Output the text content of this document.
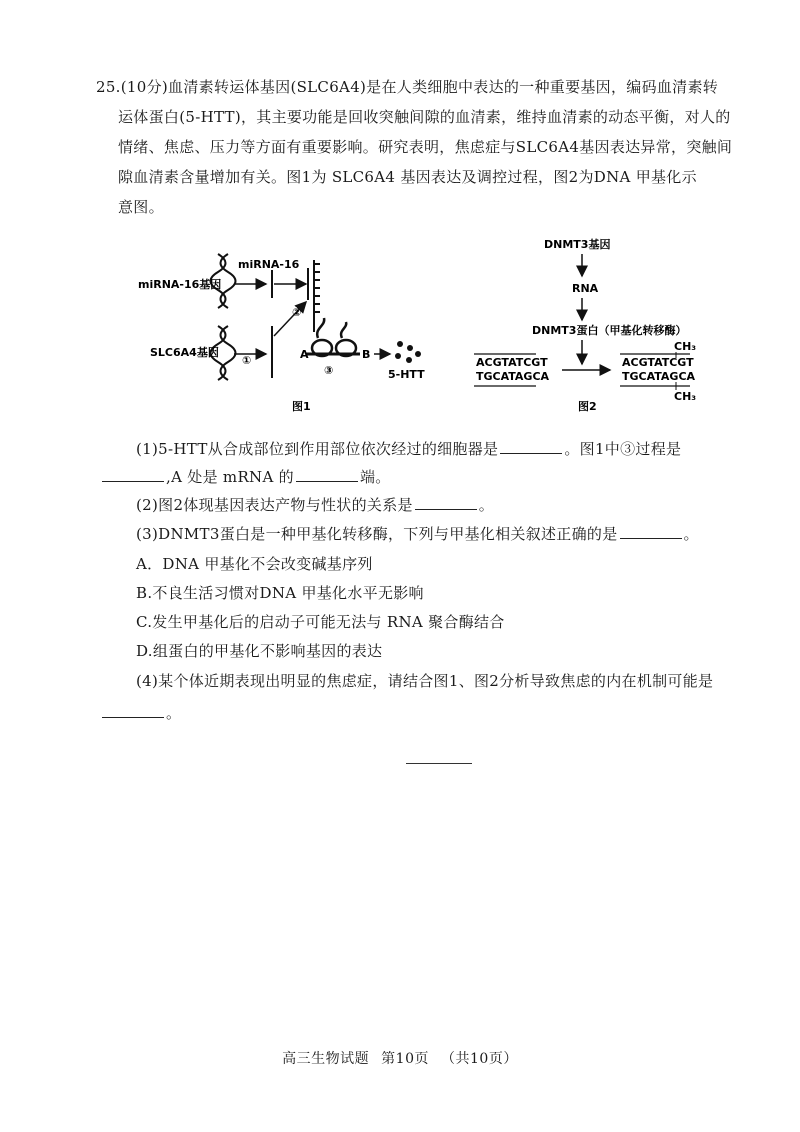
25.(10分)血清素转运体基因(SLC6A4)是在人类细胞中表达的一种重要基因，编码血清素转
运体蛋白(5-HTT)，其主要功能是回收突触间隙的血清素，维持血清素的动态平衡，对人的
情绪、焦虑、压力等方面有重要影响。研究表明，焦虑症与SLC6A4基因表达异常，突触间
隙血清素含量增加有关。图1为 SLC6A4 基因表达及调控过程，图2为DNA 甲基化示
意图。
miRNA-16基因
miRNA-16
②
SLC6A4基因
①	A	B
③	5-HTT
图1
DNMT3基因
RNA
DNMT3蛋白（甲基化转移酶）
ACGTATCGT
TGCATAGCA
CH₃
ACGTATCGT
TGCATAGCA
CH₃
图2
(1)5-HTT从合成部位到作用部位依次经过的细胞器是	。图1中③过程是
,A 处是 mRNA 的	端。
(2)图2体现基因表达产物与性状的关系是	。
(3)DNMT3蛋白是一种甲基化转移酶，下列与甲基化相关叙述正确的是	。
A．DNA 甲基化不会改变碱基序列
B.不良生活习惯对DNA 甲基化水平无影响
C.发生甲基化后的启动子可能无法与 RNA 聚合酶结合
D.组蛋白的甲基化不影响基因的表达
(4)某个体近期表现出明显的焦虑症，请结合图1、图2分析导致焦虑的内在机制可能是
。
高三生物试题 第10页 （共10页）
